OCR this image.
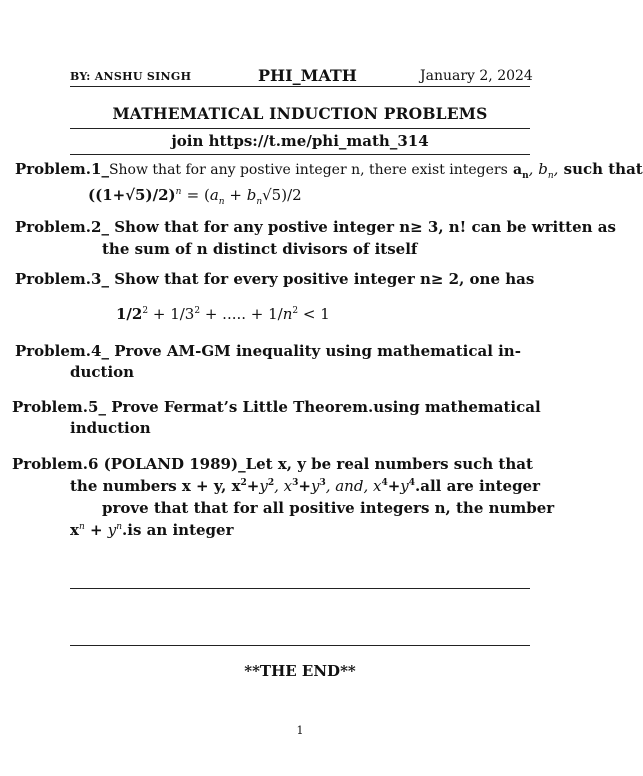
BY: ANSHU SINGH	PHI_MATH	January 2, 2024
MATHEMATICAL INDUCTION PROBLEMS
join https://t.me/phi_math_314
Problem.1_Show that for any postive integer n, there exist integers $a_n$, $b_n$, such that
$((1+√5)/2)^n = (a_n + b_n√5)/2$
Problem.2_ Show that for any postive integer n≥ 3, n! can be written as
the sum of n distinct divisors of itself
Problem.3_ Show that for every positive integer n≥ 2, one has
$1/2^2 + 1/3^2$ + ..... + $1/n^2 < 1$
Problem.4_ Prove AM-GM inequality using mathematical in-
duction
Problem.5_ Prove Fermat’s Little Theorem.using mathematical
induction
Problem.6 (POLAND 1989)_Let x, y be real numbers such that
the numbers x + y, $x^2+y^2$, $x^3+y^3$, and, $x^4+y^4.all$ are integer
prove that that for all positive integers n, the number
$x^n + y^n.is$ an integer
**THE END**
1
